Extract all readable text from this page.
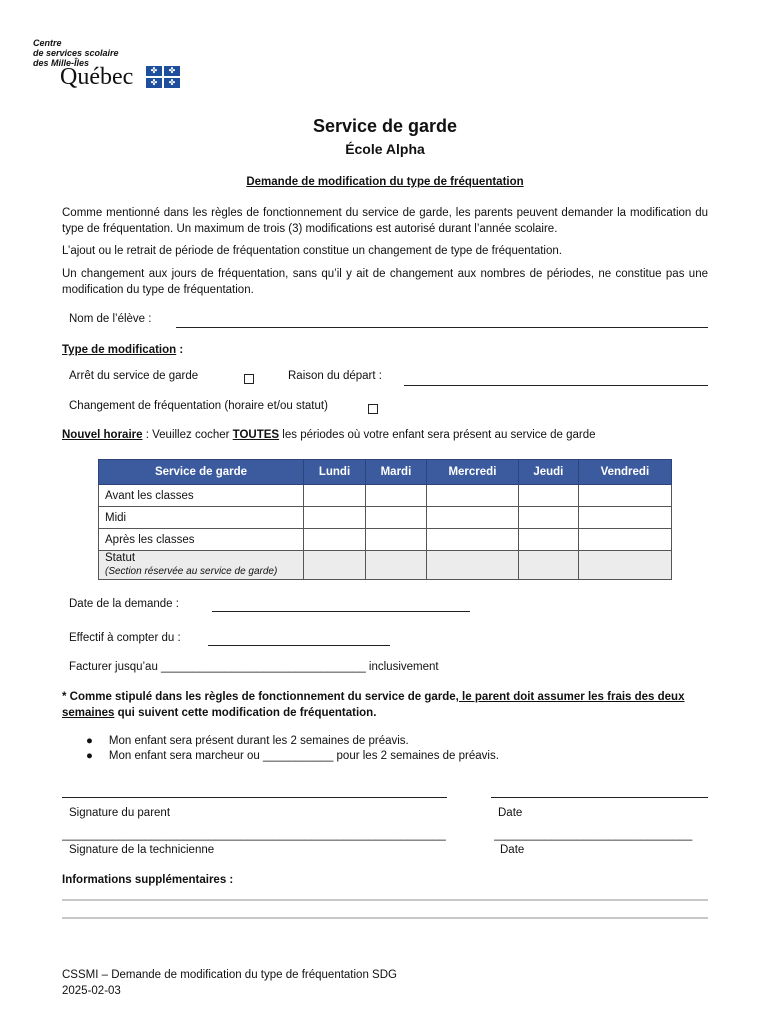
Centre
de services scolaire
des Mille-Îles
Québec	✤	✤
✤	✤
Service de garde
École Alpha
Demande de modification du type de fréquentation
Comme mentionné dans les règles de fonctionnement du service de garde, les parents peuvent demander la modification du type de fréquentation. Un maximum de trois (3) modifications est autorisé durant l’année scolaire.
L’ajout ou le retrait de période de fréquentation constitue un changement de type de fréquentation.
Un changement aux jours de fréquentation, sans qu’il y ait de changement aux nombres de périodes, ne constitue pas une modification du type de fréquentation.
Nom de l’élève :
Type de modification :
Arrêt du service de garde	Raison du départ :
Changement de fréquentation (horaire et/ou statut)
Nouvel horaire : Veuillez cocher TOUTES les périodes où votre enfant sera présent au service de garde
Service de garde	Lundi	Mardi	Mercredi	Jeudi	Vendredi
Avant les classes					
Midi					
Après les classes					

Statut
(Section réservée au service de garde)					

Date de la demande :
Effectif à compter du :
Facturer jusqu’au ________________________________ inclusivement
* Comme stipulé dans les règles de fonctionnement du service de garde, le parent doit assumer les frais des deux semaines qui suivent cette modification de fréquentation.
●     Mon enfant sera présent durant les 2 semaines de préavis.
●     Mon enfant sera marcheur ou ___________ pour les 2 semaines de préavis.
Signature du parent	Date
____________________________________________________________	_______________________________
Signature de la technicienne	Date
Informations supplémentaires :
CSSMI – Demande de modification du type de fréquentation SDG
2025-02-03
